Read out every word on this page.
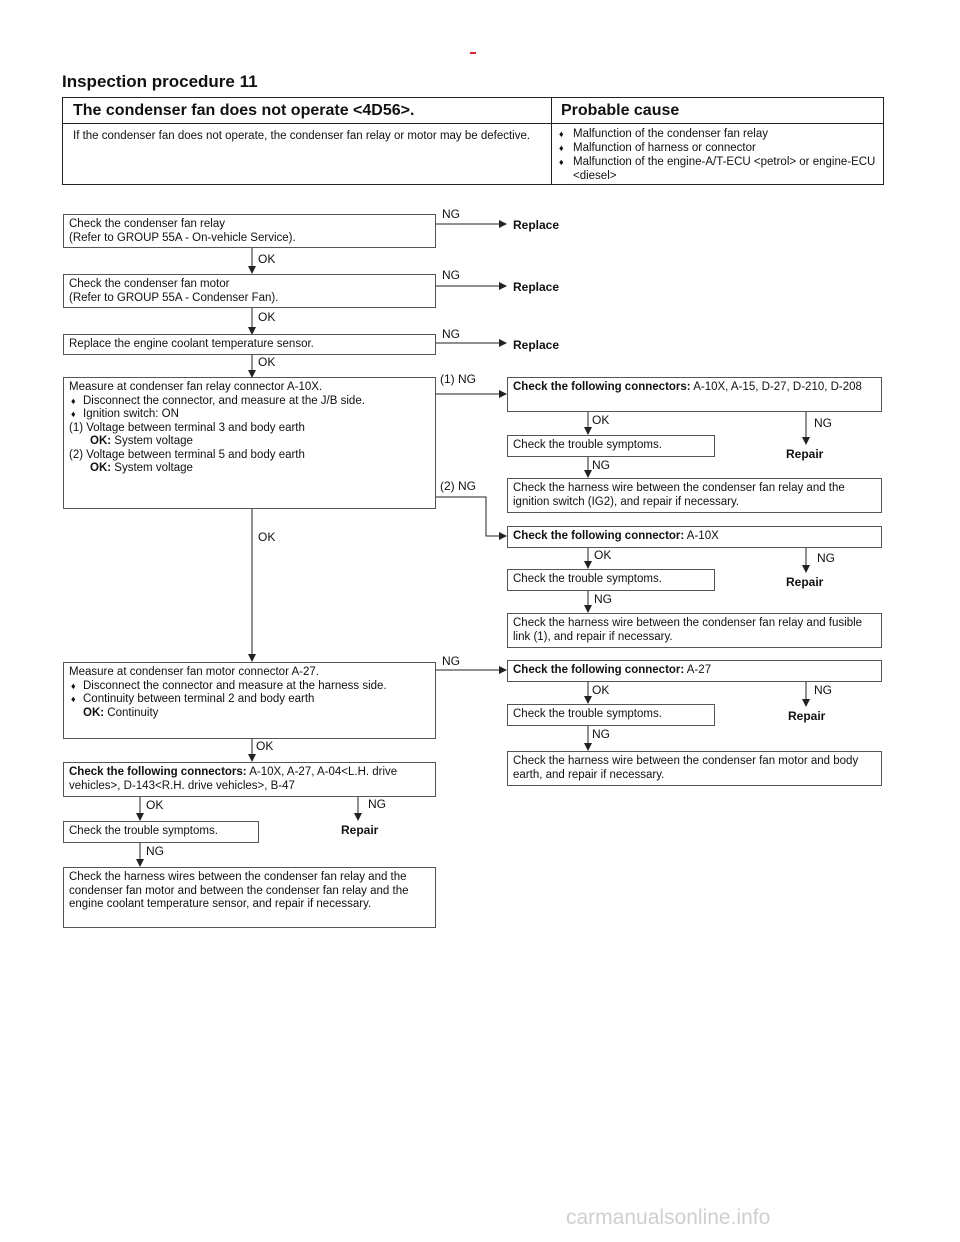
Inspection procedure 11
The condenser fan does not operate <4D56>.	Probable cause
If the condenser fan does not operate, the condenser fan relay or motor may be defective.
♦	Malfunction of the condenser fan relay
♦ Malfunction of harness or connector
♦ Malfunction of the engine-A/T-ECU <petrol> or engine-ECU <diesel>
Check the condenser fan relay
(Refer to GROUP 55A - On-vehicle Service).
NG
Replace
OK
Check the condenser fan motor
(Refer to GROUP 55A - Condenser Fan).
NG
Replace
OK
Replace the engine coolant temperature sensor.
NG
Replace
OK
Measure at condenser fan relay connector A-10X.
♦ Disconnect the connector, and measure at the J/B side.
♦ Ignition switch: ON
(1) Voltage between terminal 3 and body earth
OK: System voltage
(2) Voltage between terminal 5 and body earth
OK: System voltage
(1) NG
(2) NG
OK
Check the following connectors: A-10X, A-15, D-27, D-210, D-208
OK	NG
Check the trouble symptoms.
Repair
NG
Check the harness wire between the condenser fan relay and the ignition switch (IG2), and repair if necessary.
Check the following connector: A-10X
OK	NG
Check the trouble symptoms.	Repair
NG
Check the harness wire between the condenser fan relay and fusible link (1), and repair if necessary.
Measure at condenser fan motor connector A-27.
♦ Disconnect the connector and measure at the harness side.
♦ Continuity between terminal 2 and body earth
OK: Continuity
NG
OK
Check the following connector: A-27
OK	NG
Check the trouble symptoms.	Repair
NG
Check the harness wire between the condenser fan motor and body earth, and repair if necessary.
Check the following connectors: A-10X, A-27, A-04<L.H. drive vehicles>, D-143<R.H. drive vehicles>, B-47
OK	NG
Check the trouble symptoms.	Repair
NG
Check the harness wires between the condenser fan relay and the condenser fan motor and between the condenser fan relay and the engine coolant temperature sensor, and repair if necessary.
carmanualsonline.info
